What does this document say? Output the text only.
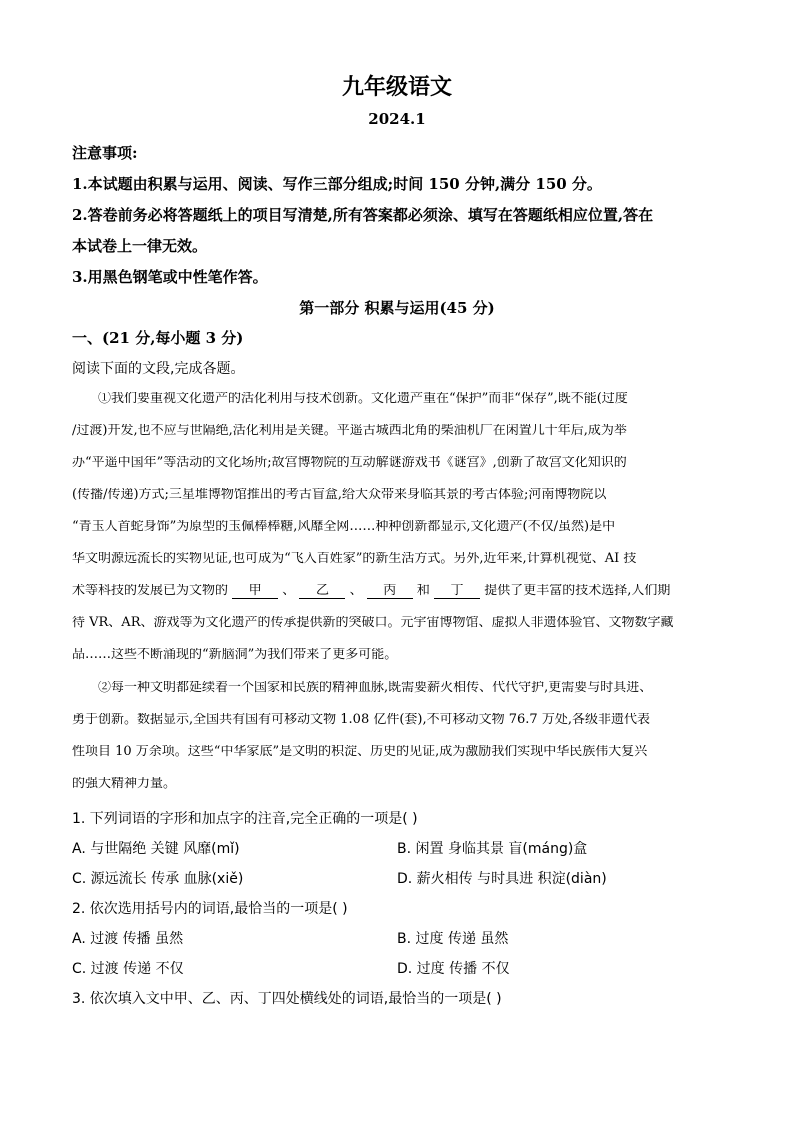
九年级语文
2024.1
注意事项:
1.本试题由积累与运用、阅读、写作三部分组成;时间 150 分钟,满分 150 分。
2.答卷前务必将答题纸上的项目写清楚,所有答案都必须涂、填写在答题纸相应位置,答在
本试卷上一律无效。
3.用黑色钢笔或中性笔作答。
第一部分 积累与运用(45 分)
一、(21 分,每小题 3 分)
阅读下面的文段,完成各题。
①我们要重视文化遗产的活化利用与技术创新。文化遗产重在“保护”而非“保存”,既不能(过度
/过渡)开发,也不应与世隔绝,活化利用是关键。平遥古城西北角的柴油机厂在闲置几十年后,成为举
办“平遥中国年”等活动的文化场所;故宫博物院的互动解谜游戏书《谜宫》,创新了故宫文化知识的
(传播/传递)方式;三星堆博物馆推出的考古盲盒,给大众带来身临其景的考古体验;河南博物院以
“青玉人首蛇身饰”为原型的玉佩棒棒糖,风靡全网……种种创新都显示,文化遗产(不仅/虽然)是中
华文明源远流长的实物见证,也可成为“飞入百姓家”的新生活方式。另外,近年来,计算机视觉、AI 技
术等科技的发展已为文物的 甲 、 乙 、 丙 和 丁 提供了更丰富的技术选择,人们期
待 VR、AR、游戏等为文化遗产的传承提供新的突破口。元宇宙博物馆、虚拟人非遗体验官、文物数字藏
品……这些不断涌现的“新脑洞”为我们带来了更多可能。
②每一种文明都延续着一个国家和民族的精神血脉,既需要薪火相传、代代守护,更需要与时具进、
勇于创新。数据显示,全国共有国有可移动文物 1.08 亿件(套),不可移动文物 76.7 万处,各级非遗代表
性项目 10 万余项。这些“中华家底”是文明的积淀、历史的见证,成为激励我们实现中华民族伟大复兴
的强大精神力量。
1. 下列词语的字形和加点字的注音,完全正确的一项是( )
A. 与世隔绝 关键 风靡(mǐ)	B. 闲置 身临其景 盲(máng)盒
C. 源远流长 传承 血脉(xiě)	D. 薪火相传 与时具进 积淀(diàn)
2. 依次选用括号内的词语,最恰当的一项是( )
A. 过渡 传播 虽然	B. 过度 传递 虽然
C. 过渡 传递 不仅	D. 过度 传播 不仅
3. 依次填入文中甲、乙、丙、丁四处横线处的词语,最恰当的一项是( )
